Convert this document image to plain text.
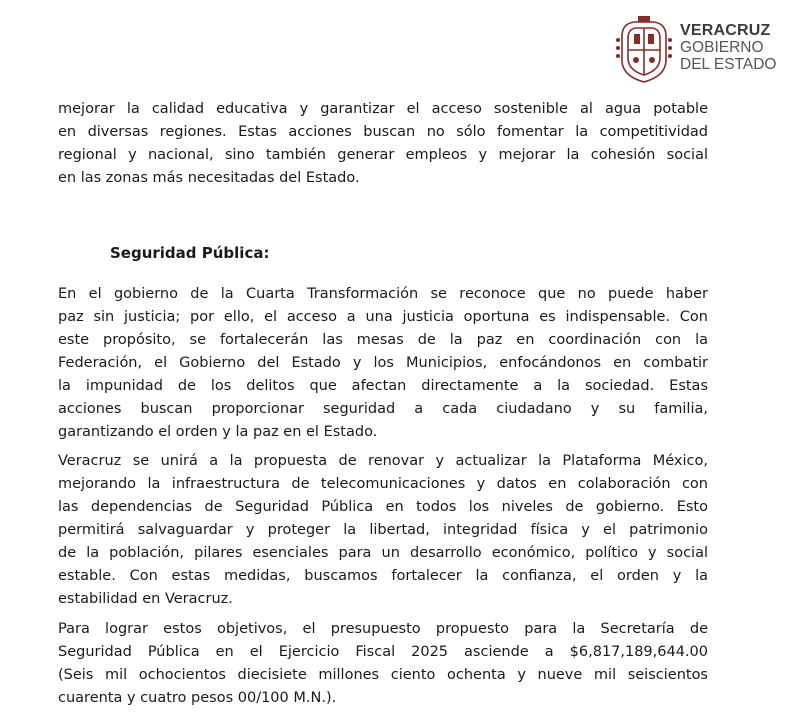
VERACRUZ
GOBIERNO
DEL ESTADO

mejorar la calidad educativa y garantizar el acceso sostenible al agua potable
en diversas regiones. Estas acciones buscan no sólo fomentar la competitividad
regional y nacional, sino también generar empleos y mejorar la cohesión social
en las zonas más necesitadas del Estado.

Seguridad Pública:

En el gobierno de la Cuarta Transformación se reconoce que no puede haber
paz sin justicia; por ello, el acceso a una justicia oportuna es indispensable. Con
este propósito, se fortalecerán las mesas de la paz en coordinación con la
Federación, el Gobierno del Estado y los Municipios, enfocándonos en combatir
la impunidad de los delitos que afectan directamente a la sociedad. Estas
acciones buscan proporcionar seguridad a cada ciudadano y su familia,
garantizando el orden y la paz en el Estado.

Veracruz se unirá a la propuesta de renovar y actualizar la Plataforma México,
mejorando la infraestructura de telecomunicaciones y datos en colaboración con
las dependencias de Seguridad Pública en todos los niveles de gobierno. Esto
permitirá salvaguardar y proteger la libertad, integridad física y el patrimonio
de la población, pilares esenciales para un desarrollo económico, político y social
estable. Con estas medidas, buscamos fortalecer la confianza, el orden y la
estabilidad en Veracruz.

Para lograr estos objetivos, el presupuesto propuesto para la Secretaría de
Seguridad Pública en el Ejercicio Fiscal 2025 asciende a $6,817,189,644.00
(Seis mil ochocientos diecisiete millones ciento ochenta y nueve mil seiscientos
cuarenta y cuatro pesos 00/100 M.N.).
